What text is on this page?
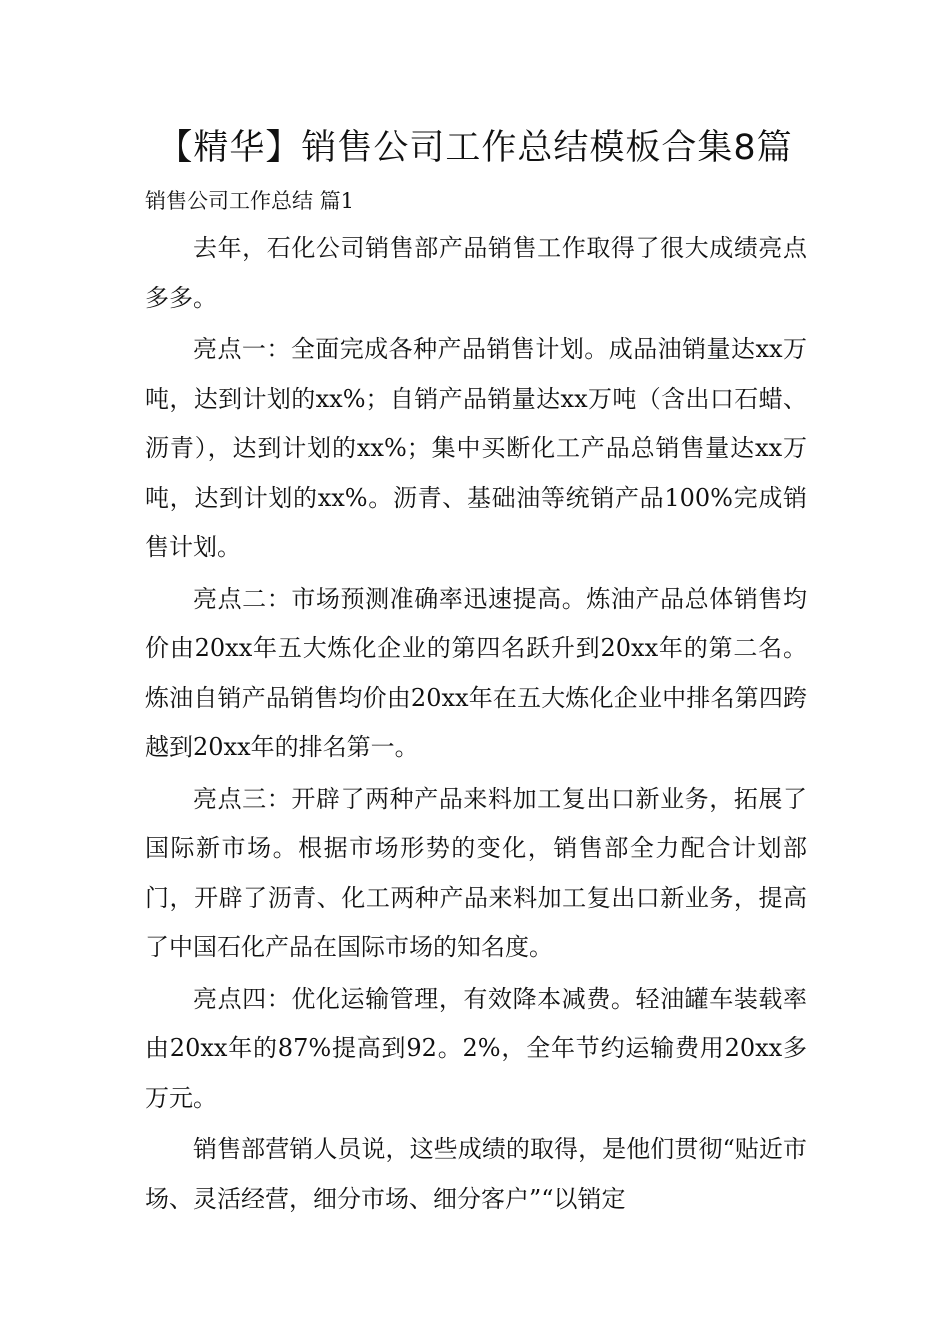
【精华】销售公司工作总结模板合集8篇

销售公司工作总结 篇1

去年，石化公司销售部产品销售工作取得了很大成绩亮点多多。

亮点一：全面完成各种产品销售计划。成品油销量达xx万吨，达到计划的xx%；自销产品销量达xx万吨（含出口石蜡、沥青），达到计划的xx%；集中买断化工产品总销售量达xx万吨，达到计划的xx%。沥青、基础油等统销产品100%完成销售计划。

亮点二：市场预测准确率迅速提高。炼油产品总体销售均价由20xx年五大炼化企业的第四名跃升到20xx年的第二名。炼油自销产品销售均价由20xx年在五大炼化企业中排名第四跨越到20xx年的排名第一。

亮点三：开辟了两种产品来料加工复出口新业务，拓展了国际新市场。根据市场形势的变化，销售部全力配合计划部门，开辟了沥青、化工两种产品来料加工复出口新业务，提高了中国石化产品在国际市场的知名度。

亮点四：优化运输管理，有效降本减费。轻油罐车装载率由20xx年的87%提高到92。2%，全年节约运输费用20xx多万元。

销售部营销人员说，这些成绩的取得，是他们贯彻“贴近市场、灵活经营，细分市场、细分客户”“以销定
